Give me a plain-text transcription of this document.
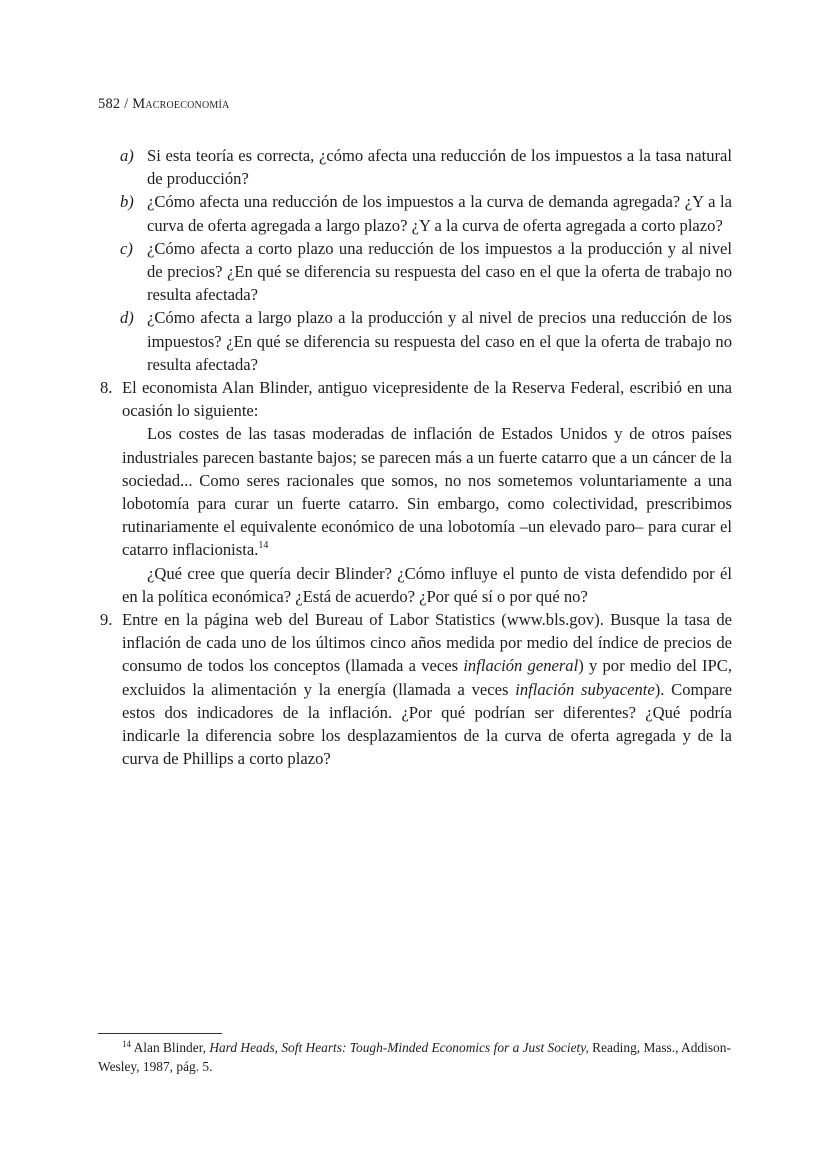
582 / Macroeconomía
a) Si esta teoría es correcta, ¿cómo afecta una reducción de los impuestos a la tasa natural de producción?
b) ¿Cómo afecta una reducción de los impuestos a la curva de demanda agregada? ¿Y a la curva de oferta agregada a largo plazo? ¿Y a la curva de oferta agregada a corto plazo?
c) ¿Cómo afecta a corto plazo una reducción de los impuestos a la producción y al nivel de precios? ¿En qué se diferencia su respuesta del caso en el que la oferta de trabajo no resulta afectada?
d) ¿Cómo afecta a largo plazo a la producción y al nivel de precios una reducción de los impuestos? ¿En qué se diferencia su respuesta del caso en el que la oferta de trabajo no resulta afectada?
8. El economista Alan Blinder, antiguo vicepresidente de la Reserva Federal, escribió en una ocasión lo siguiente:
Los costes de las tasas moderadas de inflación de Estados Unidos y de otros países industriales parecen bastante bajos; se parecen más a un fuerte catarro que a un cáncer de la sociedad... Como seres racionales que somos, no nos sometemos voluntariamente a una lobotomía para curar un fuerte catarro. Sin embargo, como colectividad, prescribimos rutinariamente el equivalente económico de una lobotomía –un elevado paro– para curar el catarro inflacionista.$^{14}$
¿Qué cree que quería decir Blinder? ¿Cómo influye el punto de vista defendido por él en la política económica? ¿Está de acuerdo? ¿Por qué sí o por qué no?
9. Entre en la página web del Bureau of Labor Statistics (www.bls.gov). Busque la tasa de inflación de cada uno de los últimos cinco años medida por medio del índice de precios de consumo de todos los conceptos (llamada a veces inflación general) y por medio del IPC, excluidos la alimentación y la energía (llamada a veces inflación subyacente). Compare estos dos indicadores de la inflación. ¿Por qué podrían ser diferentes? ¿Qué podría indicarle la diferencia sobre los desplazamientos de la curva de oferta agregada y de la curva de Phillips a corto plazo?
$^{14}$ Alan Blinder, Hard Heads, Soft Hearts: Tough-Minded Economics for a Just Society, Reading, Mass., Addison-Wesley, 1987, pág. 5.
